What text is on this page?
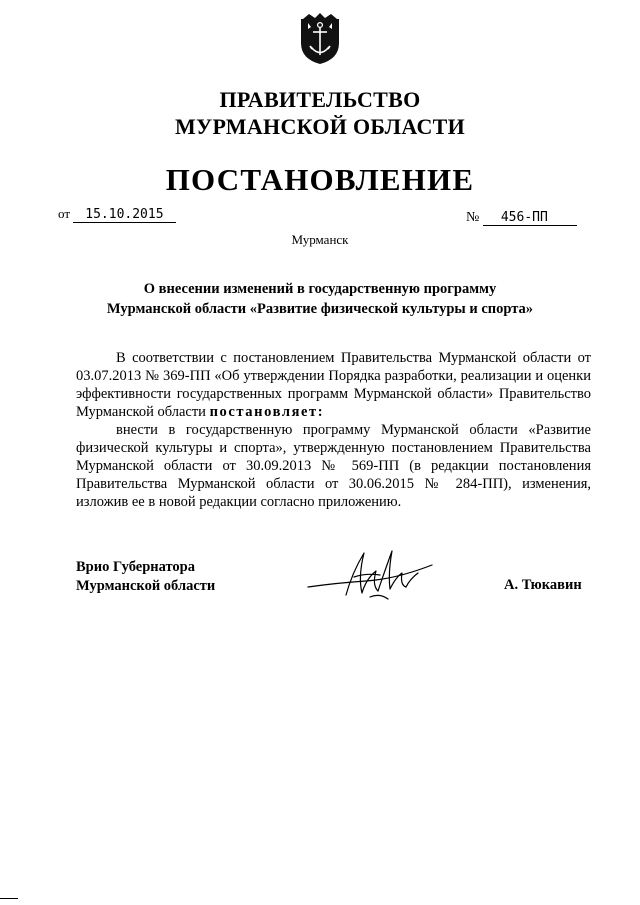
ПРАВИТЕЛЬСТВО
МУРМАНСКОЙ ОБЛАСТИ
ПОСТАНОВЛЕНИЕ
от 15.10.2015	№ 456-ПП
Мурманск
О внесении изменений в государственную программу
Мурманской области «Развитие физической культуры и спорта»

В соответствии с постановлением Правительства Мурманской области от 03.07.2013 № 369-ПП «Об утверждении Порядка разработки, реализации и оценки эффективности государственных программ Мурманской области» Правительство Мурманской области постановляет:

внести в государственную программу Мурманской области «Развитие физической культуры и спорта», утвержденную постановлением Правительства Мурманской области от 30.09.2013 № 569-ПП (в редакции постановления Правительства Мурманской области от 30.06.2015 № 284-ПП), изменения, изложив ее в новой редакции согласно приложению.

Врио Губернатора
Мурманской области	А. Тюкавин
